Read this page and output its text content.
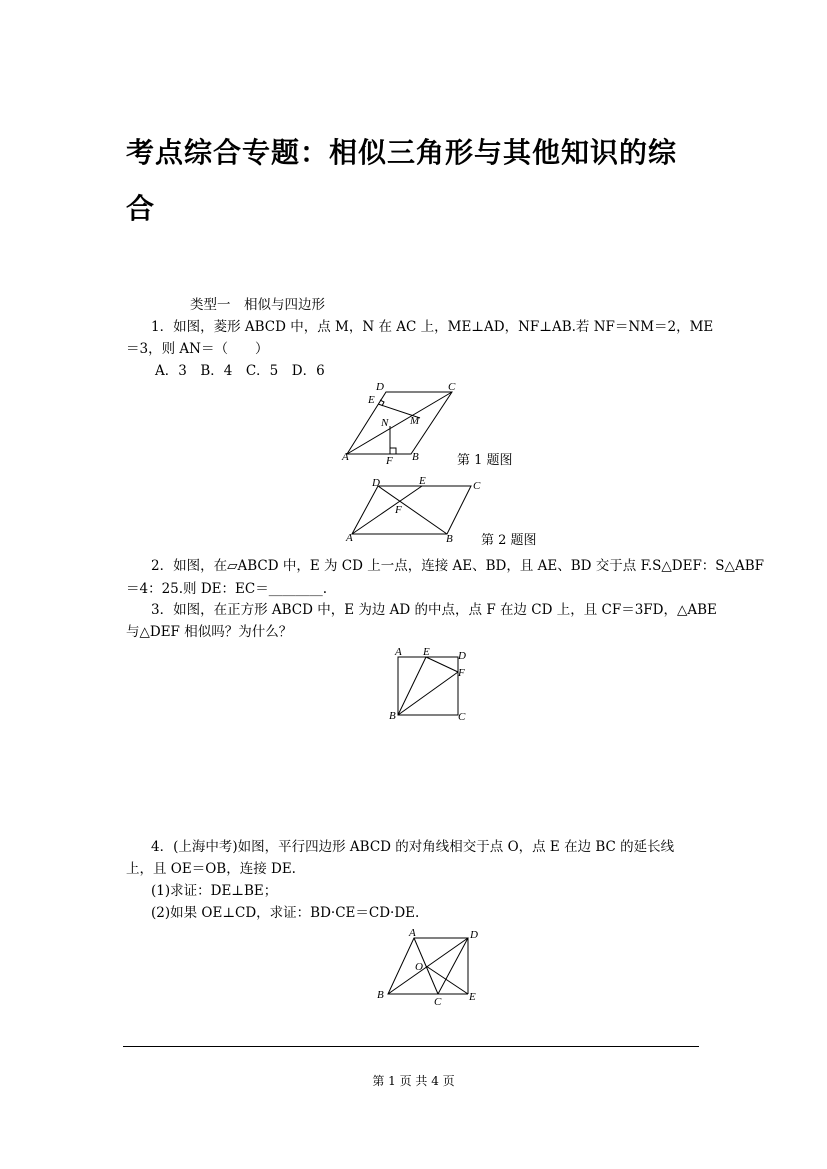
考点综合专题：相似三角形与其他知识的综
合
类型一　相似与四边形
1．如图，菱形 ABCD 中，点 M，N 在 AC 上，ME⊥AD，NF⊥AB.若 NF＝NM＝2，ME
＝3，则 AN＝（　　）
A．3　B．4　C．5　D．6
A	B
C
D
E
F
M
N
第 1 题图
A	B
C
D	E
F
第 2 题图
2．如图，在▱ABCD 中，E 为 CD 上一点，连接 AE、BD，且 AE、BD 交于点 F.S△DEF：S△ABF
＝4：25.则 DE：EC＝________.
3．如图，在正方形 ABCD 中，E 为边 AD 的中点，点 F 在边 CD 上，且 CF＝3FD，△ABE
与△DEF 相似吗？为什么？
A
B	C
D
E
F
4．(上海中考)如图，平行四边形 ABCD 的对角线相交于点 O，点 E 在边 BC 的延长线
上，且 OE＝OB，连接 DE.
(1)求证：DE⊥BE；
(2)如果 OE⊥CD，求证：BD·CE＝CD·DE.
A
B
C
D
E
O
第 1 页 共 4 页
